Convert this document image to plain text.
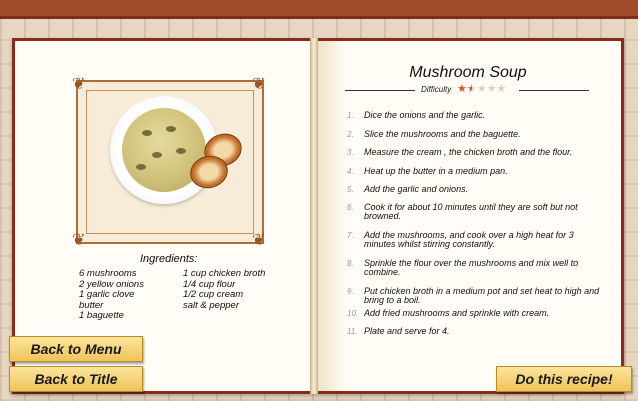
❦	❦
❦	❦
Ingredients:
6 mushrooms
2 yellow onions
1 garlic clove
butter
1 baguette
1 cup chicken broth
1/4 cup flour
1/2 cup cream
salt & pepper
Mushroom Soup
Difficulty ★★★★★
1. Dice the onions and the garlic.
2. Slice the mushrooms and the baguette.
3. Measure the cream , the chicken broth and the flour.
4. Heat up the butter in a medium pan.
5. Add the garlic and onions.
6. Cook it for about 10 minutes until they are soft but not browned.
7. Add the mushrooms, and cook over a high heat for 3 minutes whilst stirring constantly.
8. Sprinkle the flour over the mushrooms and mix well to combine.
9. Put chicken broth in a medium pot and set heat to high and bring to a boil.
10. Add fried mushrooms and sprinkle with cream.
11. Plate and serve for 4.
Back to Menu
Back to Title	Do this recipe!
